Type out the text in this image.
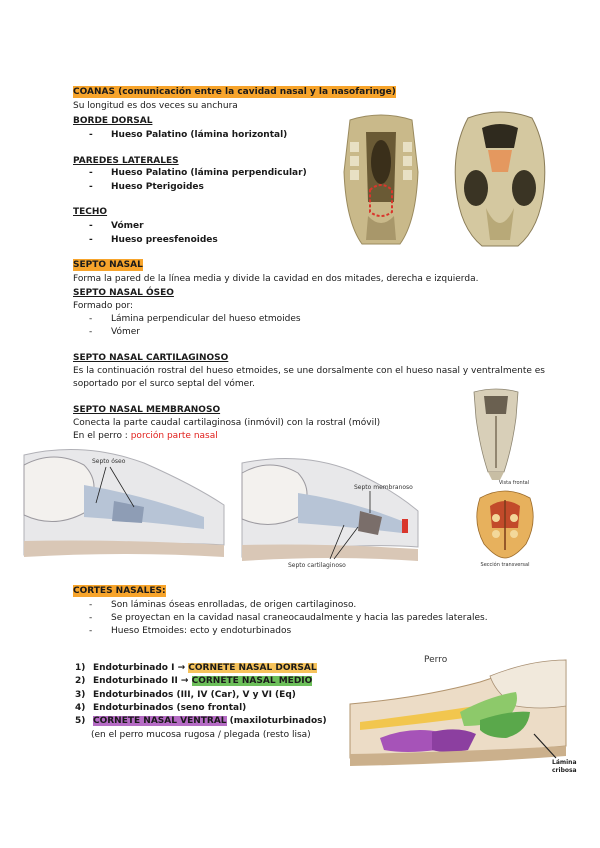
COANAS (comunicación entre la cavidad nasal y la nasofaringe)
Su longitud es dos veces su anchura
BORDE DORSAL
- Hueso Palatino (lámina horizontal)
PAREDES LATERALES
- Hueso Palatino (lámina perpendicular)
- Hueso Pterigoides
TECHO
- Vómer
- Hueso preesfenoides
SEPTO NASAL
Forma la pared de la línea media y divide la cavidad en dos mitades, derecha e izquierda.
SEPTO NASAL ÓSEO
Formado por:
- Lámina perpendicular del hueso etmoides
- Vómer
SEPTO NASAL CARTILAGINOSO
Es la continuación rostral del hueso etmoides, se une dorsalmente con el hueso nasal y ventralmente es
soportado por el surco septal del vómer.
SEPTO NASAL MEMBRANOSO
Conecta la parte caudal cartilaginosa (inmóvil) con la rostral (móvil)
En el perro : porción parte nasal
Vista frontal
Sección transversal
Septo óseo
Septo membranoso
Septo cartilaginoso
CORTES NASALES:
- Son láminas óseas enrolladas, de origen cartilaginoso.
- Se proyectan en la cavidad nasal craneocaudalmente y hacia las paredes laterales.
- Hueso Etmoides: ecto y endoturbinados
1) Endoturbinado I → CORNETE NASAL DORSAL
2) Endoturbinado II → CORNETE NASAL MEDIO
3) Endoturbinados (III, IV (Car), V y VI (Eq)
4) Endoturbinados (seno frontal)
5) CORNETE NASAL VENTRAL (maxiloturbinados)
(en el perro mucosa rugosa / plegada (resto lisa)
Perro
Lámina
cribosa
